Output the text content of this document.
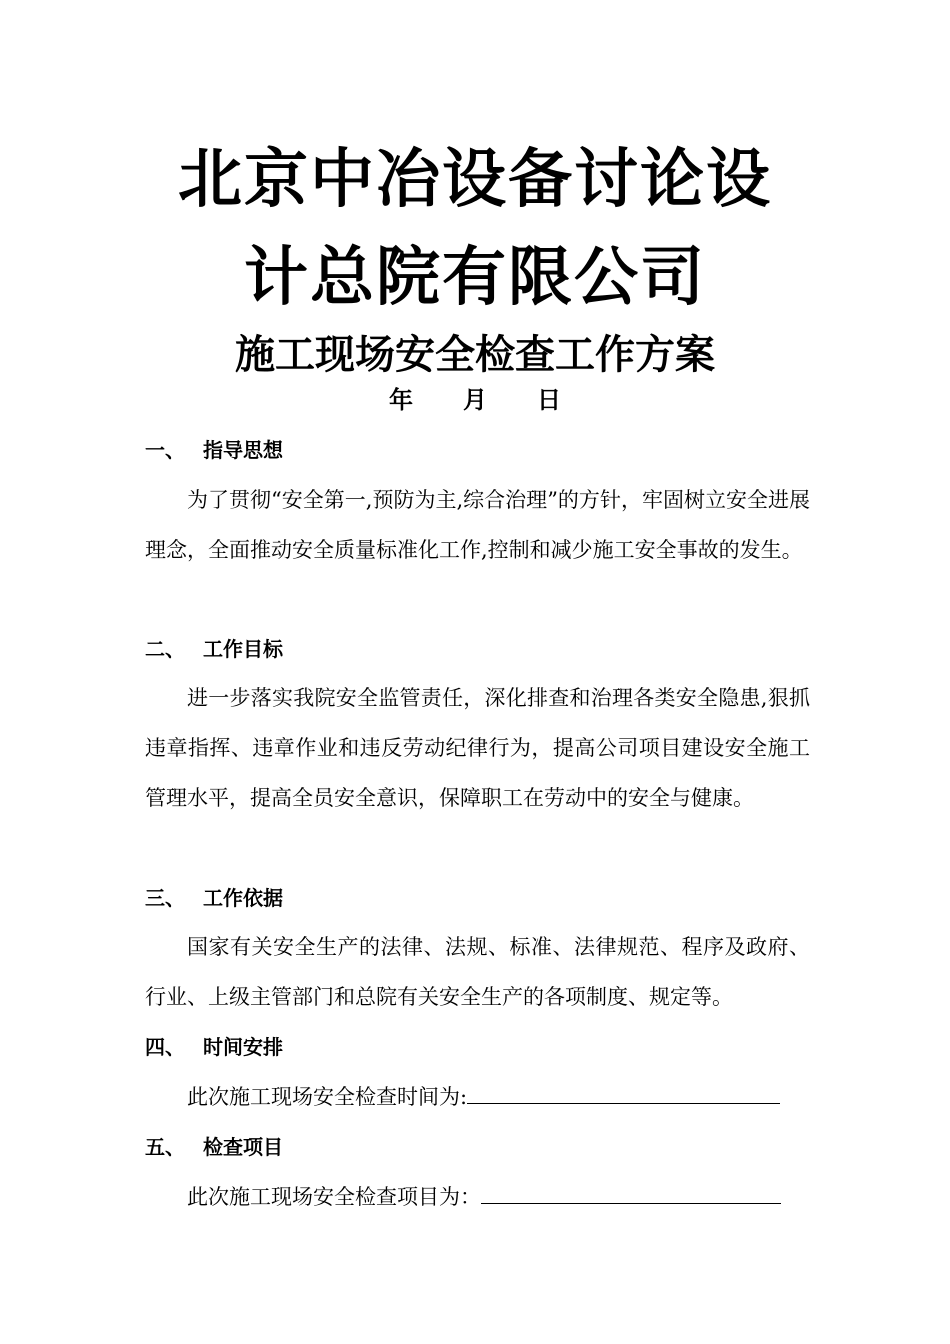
北京中冶设备讨论设
计总院有限公司
施工现场安全检查工作方案
年 月 日
一、 指导思想
为了贯彻“安全第一,预防为主,综合治理”的方针，牢固树立安全进展理念，全面推动安全质量标准化工作,控制和减少施工安全事故的发生。
二、 工作目标
进一步落实我院安全监管责任，深化排查和治理各类安全隐患,狠抓违章指挥、违章作业和违反劳动纪律行为，提高公司项目建设安全施工管理水平，提高全员安全意识，保障职工在劳动中的安全与健康。
三、 工作依据
国家有关安全生产的法律、法规、标准、法律规范、程序及政府、行业、上级主管部门和总院有关安全生产的各项制度、规定等。
四、 时间安排
此次施工现场安全检查时间为:
五、 检查项目
此次施工现场安全检查项目为：
